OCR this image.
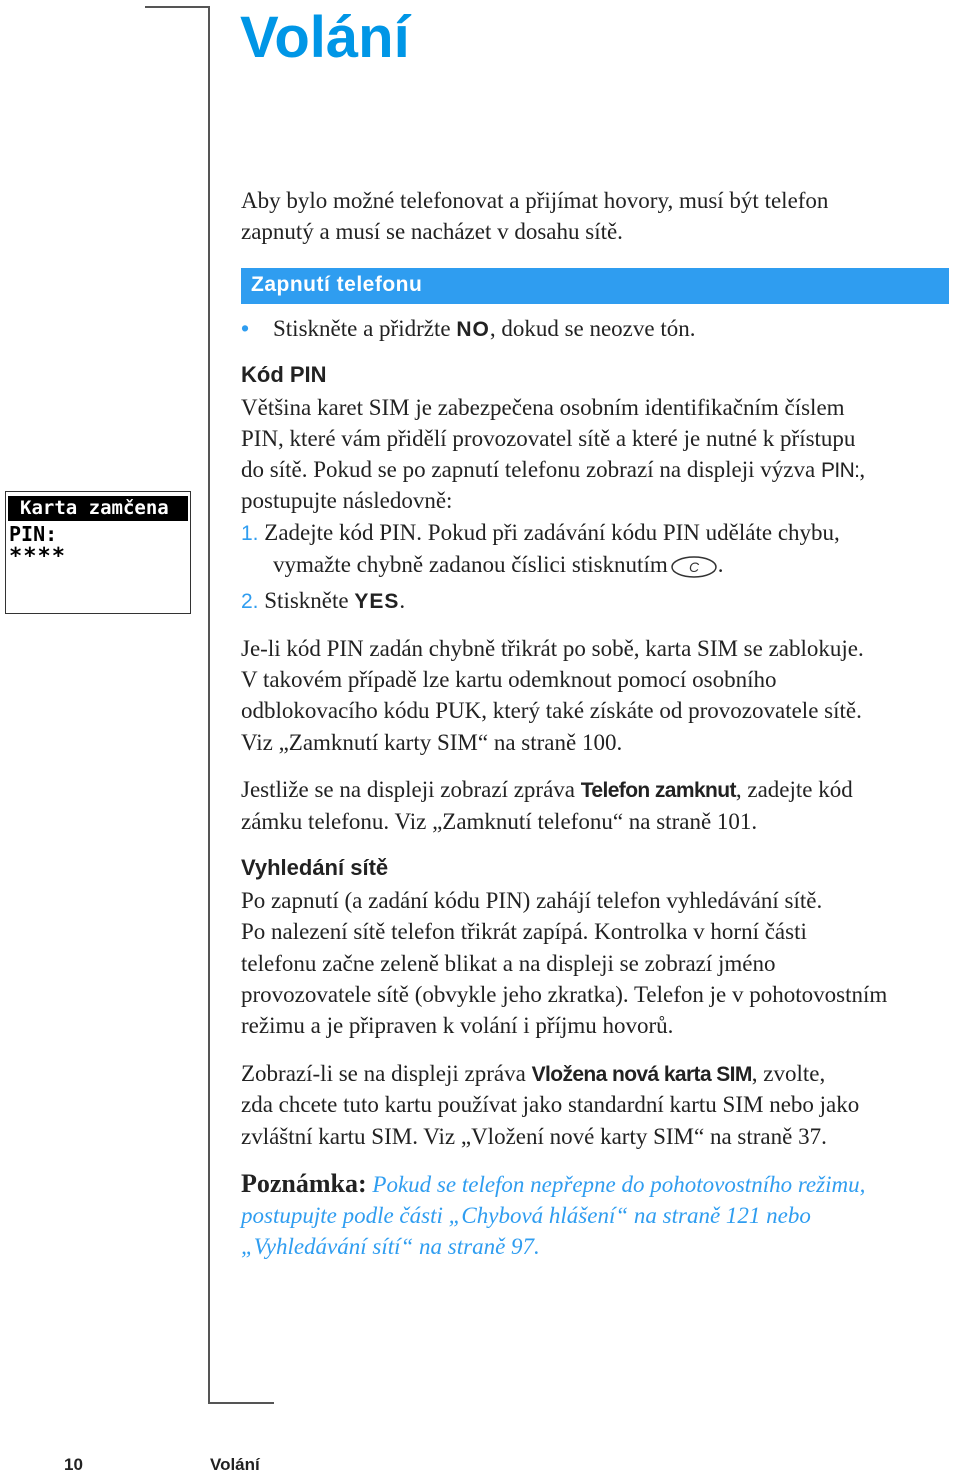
Volání

Aby bylo možné telefonovat a přijímat hovory, musí být telefon

zapnutý a musí se nacházet v dosahu sítě.

Zapnutí telefonu
• Stiskněte a přidržte NO, dokud se neozve tón.

Kód PIN

Většina karet SIM je zabezpečena osobním identifikačním číslem

PIN, které vám přidělí provozovatel sítě a které je nutné k přístupu

do sítě. Pokud se po zapnutí telefonu zobrazí na displeji výzva PIN:,

postupujte následovně:

1. Zadejte kód PIN. Pokud při zadávání kódu PIN uděláte chybu,

vymažte chybně zadanou číslici stisknutím C .

2. Stiskněte YES.

Je-li kód PIN zadán chybně třikrát po sobě, karta SIM se zablokuje.

V takovém případě lze kartu odemknout pomocí osobního

odblokovacího kódu PUK, který také získáte od provozovatele sítě.

Viz „Zamknutí karty SIM“ na straně 100.

Jestliže se na displeji zobrazí zpráva Telefon zamknut, zadejte kód

zámku telefonu. Viz „Zamknutí telefonu“ na straně 101.

Vyhledání sítě

Po zapnutí (a zadání kódu PIN) zahájí telefon vyhledávání sítě.

Po nalezení sítě telefon třikrát zapípá. Kontrolka v horní části

telefonu začne zeleně blikat a na displeji se zobrazí jméno

provozovatele sítě (obvykle jeho zkratka). Telefon je v pohotovostním

režimu a je připraven k volání i příjmu hovorů.

Zobrazí-li se na displeji zpráva Vložena nová karta SIM, zvolte,

zda chcete tuto kartu používat jako standardní kartu SIM nebo jako

zvláštní kartu SIM. Viz „Vložení nové karty SIM“ na straně 37.

Poznámka: Pokud se telefon nepřepne do pohotovostního režimu,
postupujte podle části „Chybová hlášení“ na straně 121 nebo
„Vyhledávání sítí“ na straně 97.
Karta zamčena
PIN:
****
10	Volání
